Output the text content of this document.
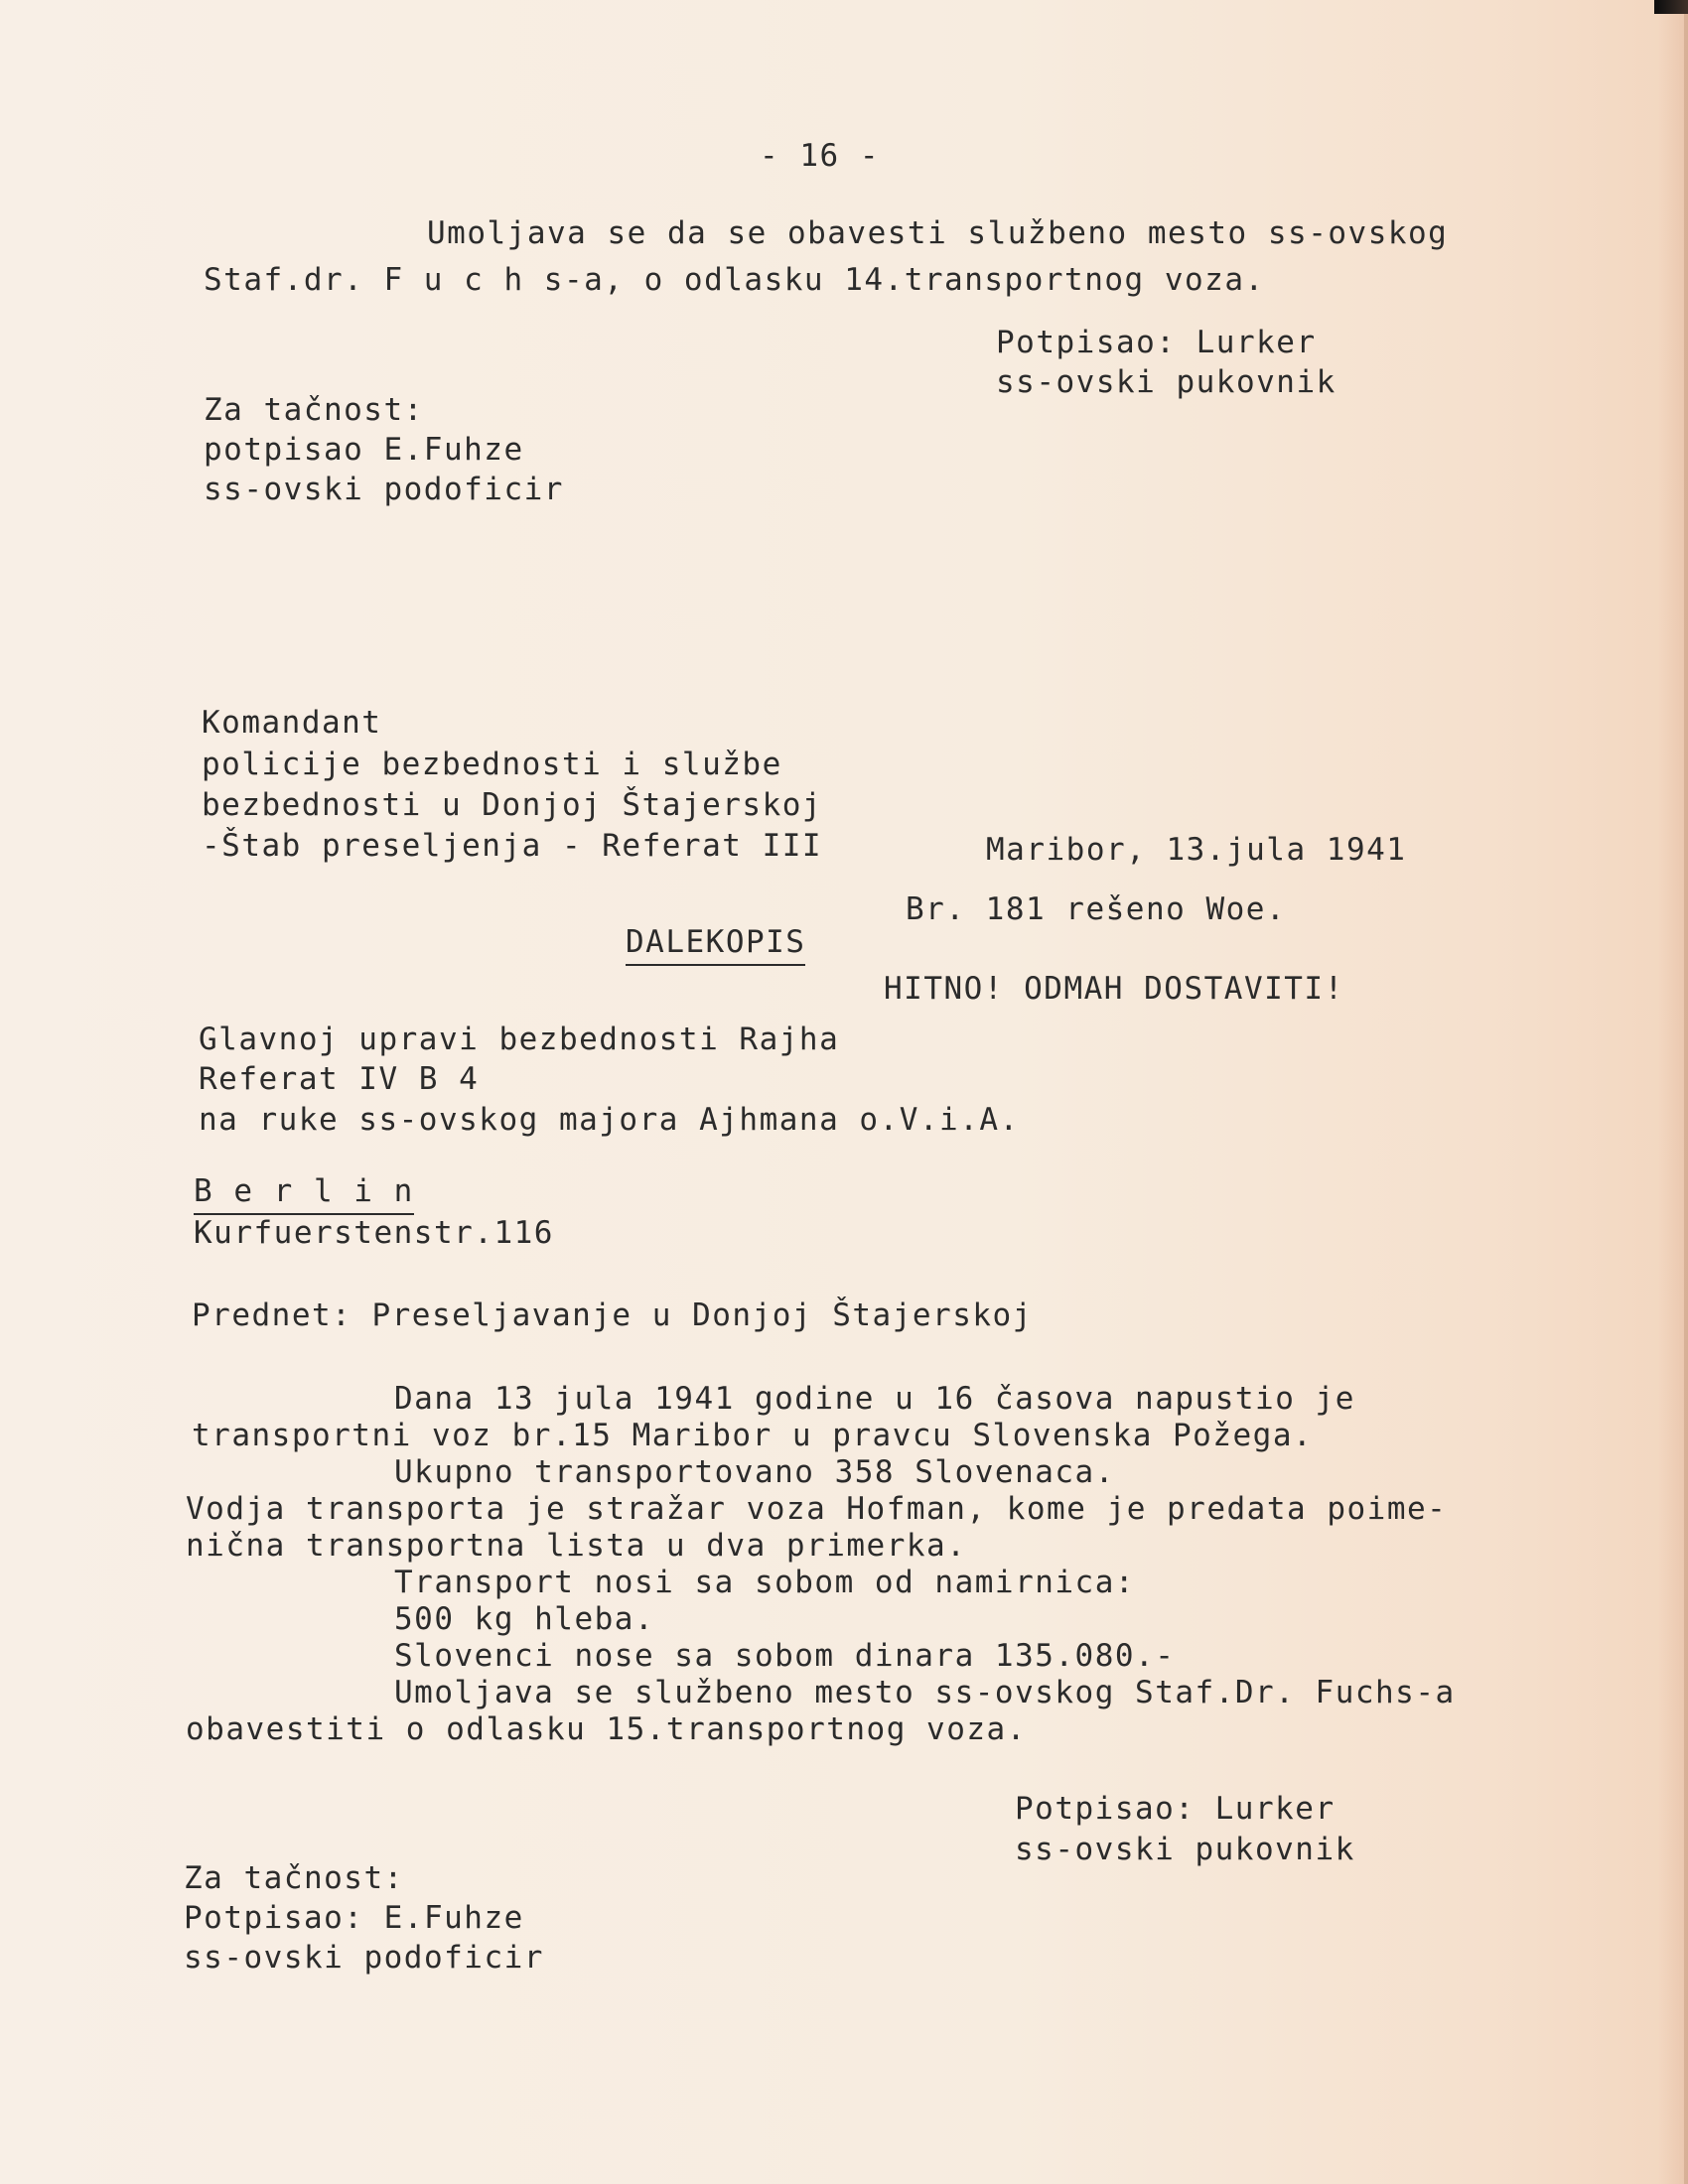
- 16 -
Umoljava se da se obavesti službeno mesto ss-ovskog
Staf.dr. F u c h s-a, o odlasku 14.transportnog voza.
Potpisao: Lurker
ss-ovski pukovnik
Za tačnost:
potpisao E.Fuhze
ss-ovski podoficir
Komandant
policije bezbednosti i službe
bezbednosti u Donjoj Štajerskoj
-Štab preseljenja - Referat III	Maribor, 13.jula 1941
Br. 181 rešeno Woe.
DALEKOPIS
HITNO! ODMAH DOSTAVITI!
Glavnoj upravi bezbednosti Rajha
Referat IV B 4
na ruke ss-ovskog majora Ajhmana o.V.i.A.
B e r l i n
Kurfuerstenstr.116
Prednet: Preseljavanje u Donjoj Štajerskoj
Dana 13 jula 1941 godine u 16 časova napustio je
transportni voz br.15 Maribor u pravcu Slovenska Požega.
Ukupno transportovano 358 Slovenaca.
Vodja transporta je stražar voza Hofman, kome je predata poime-
nična transportna lista u dva primerka.
Transport nosi sa sobom od namirnica:
500 kg hleba.
Slovenci nose sa sobom dinara 135.080.-
Umoljava se službeno mesto ss-ovskog Staf.Dr. Fuchs-a
obavestiti o odlasku 15.transportnog voza.
Potpisao: Lurker
ss-ovski pukovnik
Za tačnost:
Potpisao: E.Fuhze
ss-ovski podoficir
